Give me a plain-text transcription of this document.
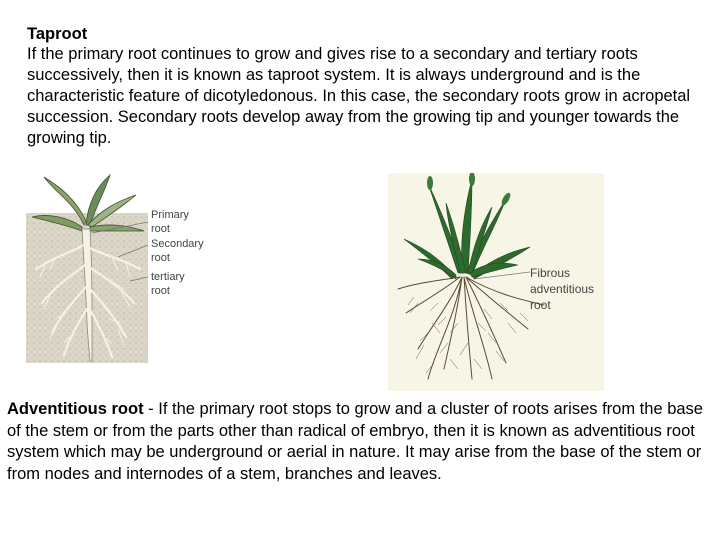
Taproot

If the primary root continues to grow and gives rise to a secondary and tertiary roots successively, then it is known as taproot system. It is always underground and is the characteristic feature of dicotyledonous. In this case, the secondary roots grow in acropetal succession. Secondary roots develop away from the growing tip and younger towards the growing tip.

Primary
root
Secondary
root
tertiary
root
Fibrous
adventitious
root

Adventitious root - If the primary root stops to grow and a cluster of roots arises from the base of the stem or from the parts other than radical of embryo, then it is known as adventitious root system which may be underground or aerial in nature. It may arise from the base of the stem or from nodes and internodes of a stem, branches and leaves.
